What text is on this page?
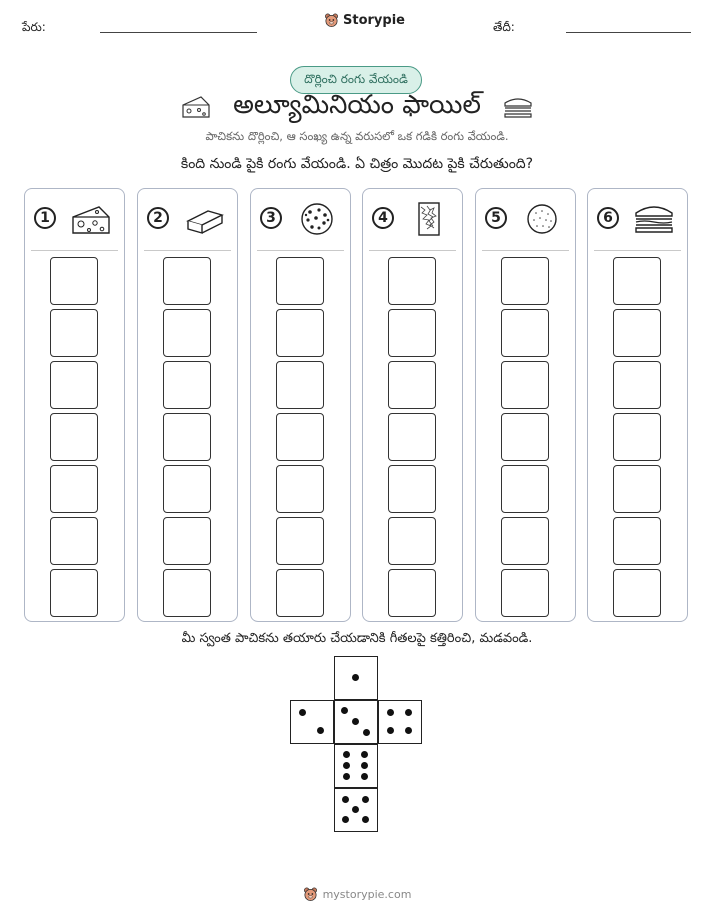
పేరు:	Storypie	తేదీ:
దొర్లించి రంగు వేయండి
అల్యూమినియం ఫాయిల్
పాచికను దొర్లించి, ఆ సంఖ్య ఉన్న వరుసలో ఒక గడికి రంగు వేయండి.
కింది నుండి పైకి రంగు వేయండి. ఏ చిత్రం మొదట పైకి చేరుతుంది?
1	2	3	4	5	6
మీ స్వంత పాచికను తయారు చేయడానికి గీతలపై కత్తిరించి, మడవండి.
mystorypie.com
